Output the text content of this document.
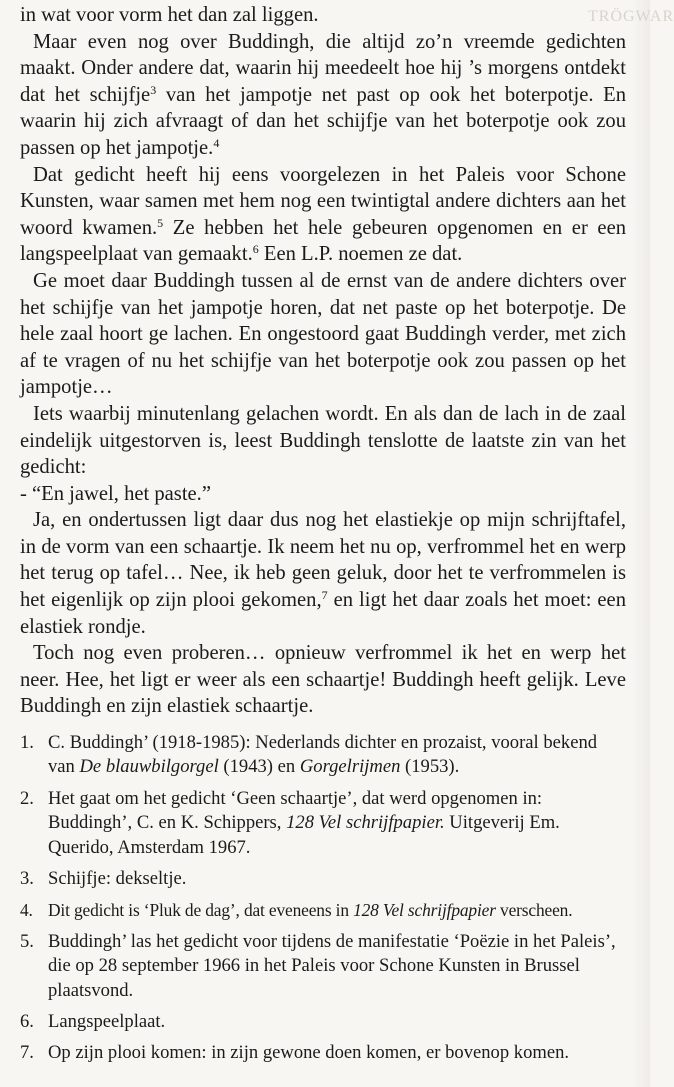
TRÖGWAR

in wat voor vorm het dan zal liggen.

Maar even nog over Buddingh, die altijd zo’n vreemde gedichten maakt. Onder andere dat, waarin hij meedeelt hoe hij ’s morgens ontdekt dat het schijfje$^3$ van het jampotje net past op ook het boterpotje. En waarin hij zich afvraagt of dan het schijfje van het boterpotje ook zou passen op het jampotje.$^4$

Dat gedicht heeft hij eens voorgelezen in het Paleis voor Schone Kunsten, waar samen met hem nog een twintigtal andere dichters aan het woord kwamen.$^5$ Ze hebben het hele gebeuren opgenomen en er een langspeelplaat van gemaakt.$^6$ Een L.P. noemen ze dat.

Ge moet daar Buddingh tussen al de ernst van de andere dichters over het schijfje van het jampotje horen, dat net paste op het boterpotje. De hele zaal hoort ge lachen. En ongestoord gaat Buddingh verder, met zich af te vragen of nu het schijfje van het boterpotje ook zou passen op het jampotje…

Iets waarbij minutenlang gelachen wordt. En als dan de lach in de zaal eindelijk uitgestorven is, leest Buddingh tenslotte de laatste zin van het gedicht:

- “En jawel, het paste.”

Ja, en ondertussen ligt daar dus nog het elastiekje op mijn schrijftafel, in de vorm van een schaartje. Ik neem het nu op, verfrommel het en werp het terug op tafel… Nee, ik heb geen geluk, door het te verfrommelen is het eigenlijk op zijn plooi gekomen,$^7$ en ligt het daar zoals het moet: een elastiek rondje.

Toch nog even proberen… opnieuw verfrommel ik het en werp het neer. Hee, het ligt er weer als een schaartje! Buddingh heeft gelijk. Leve Buddingh en zijn elastiek schaartje.

1. C. Buddingh’ (1918-1985): Nederlands dichter en prozaist, vooral bekend van De blauwbilgorgel (1943) en Gorgelrijmen (1953).
2. Het gaat om het gedicht ‘Geen schaartje’, dat werd opgenomen in: Buddingh’, C. en K. Schippers, 128 Vel schrijfpapier. Uitgeverij Em. Querido, Amsterdam 1967.
3. Schijfje: dekseltje.
4. Dit gedicht is ‘Pluk de dag’, dat eveneens in 128 Vel schrijfpapier verscheen.
5. Buddingh’ las het gedicht voor tijdens de manifestatie ‘Poëzie in het Paleis’, die op 28 september 1966 in het Paleis voor Schone Kunsten in Brussel plaatsvond.
6. Langspeelplaat.
7. Op zijn plooi komen: in zijn gewone doen komen, er bovenop komen.
